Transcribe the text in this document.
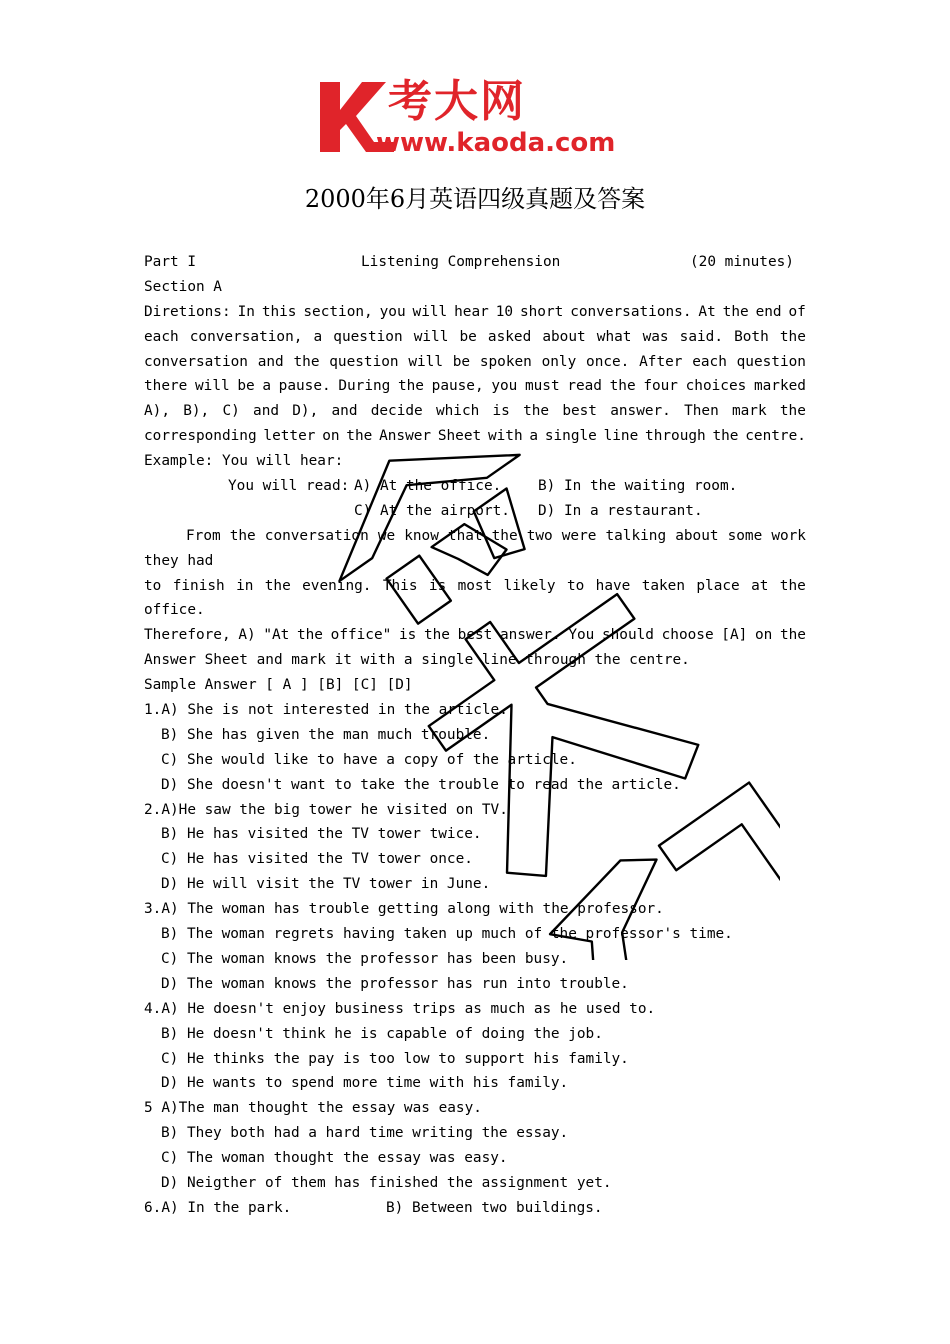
考大网
www.kaoda.com
2000年6月英语四级真题及答案
Part I	Listening Comprehension	(20 minutes)
Section A
Diretions: In this section, you will hear 10 short conversations. At the end of
each conversation, a question will be asked about what was said. Both the
conversation and the question will be spoken only once. After each question
there will be a pause. During the pause, you must read the four choices marked
A), B), C) and D), and decide which is the best answer. Then mark the
corresponding letter on the Answer Sheet with a single line through the centre.
Example: You will hear:
You will read: A) At the office.	B) In the waiting room.
C) At the airport.	D) In a restaurant.
From the conversation we know that the two were talking about some work
they had
to finish in the evening. This is most likely to have taken place at the
office.
Therefore, A) "At the office" is the best answer. You should choose [A] on the
Answer Sheet and mark it with a single line through the centre.
Sample Answer [ A ] [B] [C] [D]
1.A) She is not interested in the article.
B) She has given the man much trouble.
C) She would like to have a copy of the article.
D) She doesn't want to take the trouble to read the article.
2.A)He saw the big tower he visited on TV.
B) He has visited the TV tower twice.
C) He has visited the TV tower once.
D) He will visit the TV tower in June.
3.A) The woman has trouble getting along with the professor.
B) The woman regrets having taken up much of the professor's time.
C) The woman knows the professor has been busy.
D) The woman knows the professor has run into trouble.
4.A) He doesn't enjoy business trips as much as he used to.
B) He doesn't think he is capable of doing the job.
C) He thinks the pay is too low to support his family.
D) He wants to spend more time with his family.
5 A)The man thought the essay was easy.
B) They both had a hard time writing the essay.
C) The woman thought the essay was easy.
D) Neigther of them has finished the assignment yet.
6.A) In the park.	B) Between two buildings.
